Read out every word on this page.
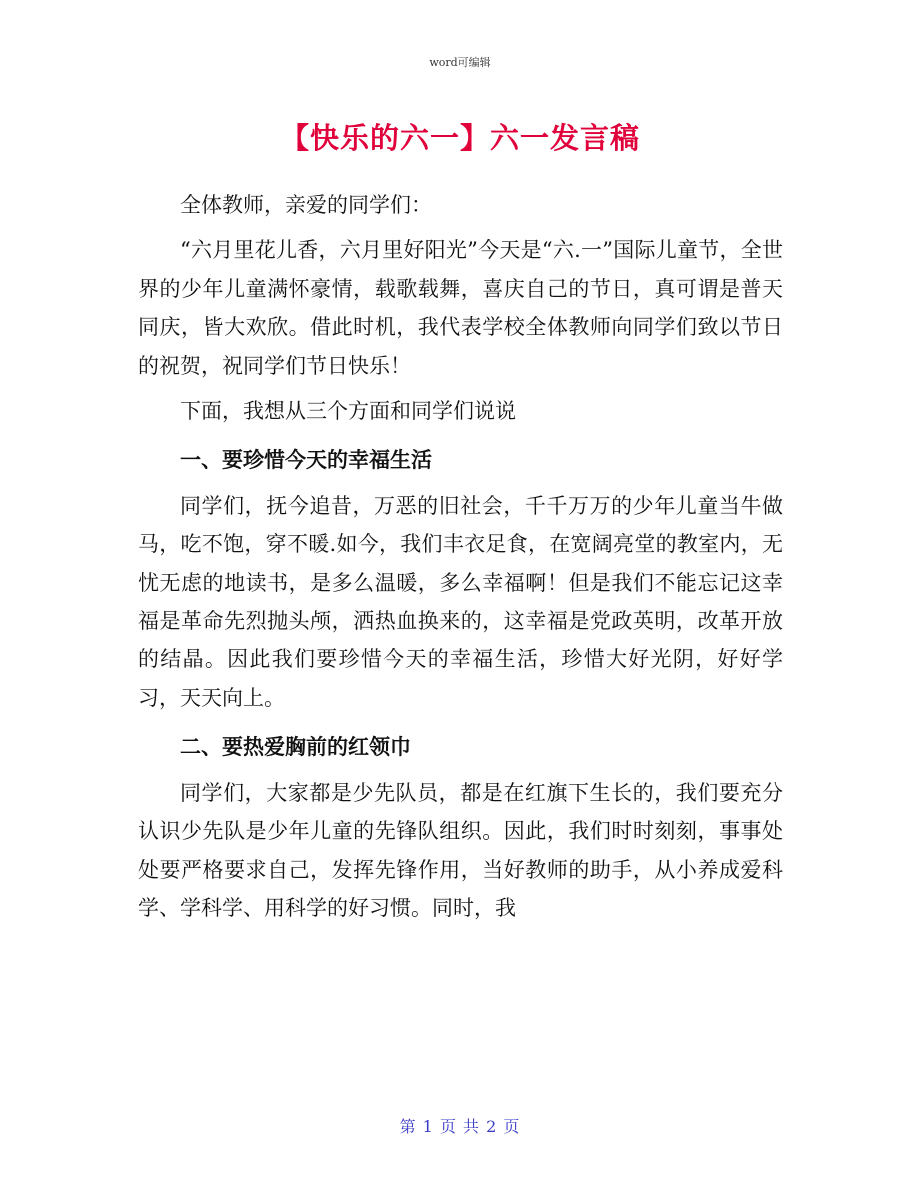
word可编辑
【快乐的六一】六一发言稿

全体教师，亲爱的同学们：

“六月里花儿香，六月里好阳光”今天是“六.一”国际儿童节，全世界的少年儿童满怀豪情，载歌载舞，喜庆自己的节日，真可谓是普天同庆，皆大欢欣。借此时机，我代表学校全体教师向同学们致以节日的祝贺，祝同学们节日快乐！

下面，我想从三个方面和同学们说说

一、要珍惜今天的幸福生活

同学们，抚今追昔，万恶的旧社会，千千万万的少年儿童当牛做马，吃不饱，穿不暖.如今，我们丰衣足食，在宽阔亮堂的教室内，无忧无虑的地读书，是多么温暖，多么幸福啊！但是我们不能忘记这幸福是革命先烈抛头颅，洒热血换来的，这幸福是党政英明，改革开放的结晶。因此我们要珍惜今天的幸福生活，珍惜大好光阴，好好学习，天天向上。

二、要热爱胸前的红领巾

同学们，大家都是少先队员，都是在红旗下生长的，我们要充分认识少先队是少年儿童的先锋队组织。因此，我们时时刻刻，事事处处要严格要求自己，发挥先锋作用，当好教师的助手，从小养成爱科学、学科学、用科学的好习惯。同时，我

第 1 页 共 2 页
